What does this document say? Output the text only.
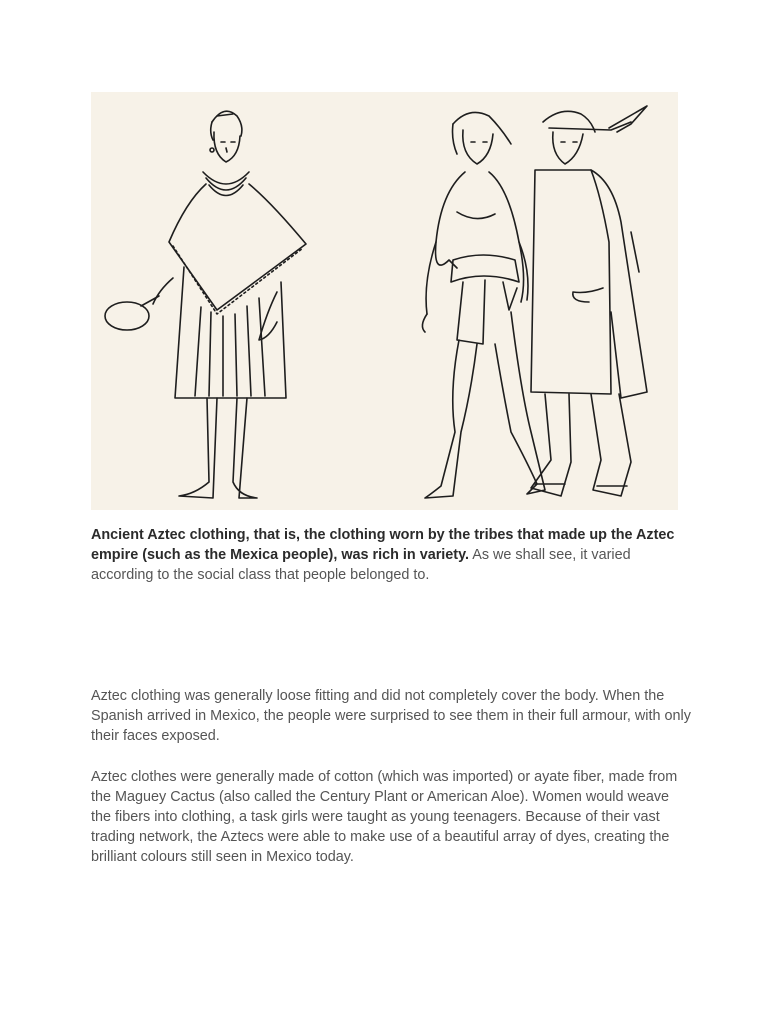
Ancient Aztec clothing, that is, the clothing worn by the tribes that made up the Aztec empire (such as the Mexica people), was rich in variety. As we shall see, it varied according to the social class that people belonged to.

Aztec clothing was generally loose fitting and did not completely cover the body. When the Spanish arrived in Mexico, the people were surprised to see them in their full armour, with only their faces exposed.

Aztec clothes were generally made of cotton (which was imported) or ayate fiber, made from the Maguey Cactus (also called the Century Plant or American Aloe). Women would weave the fibers into clothing, a task girls were taught as young teenagers. Because of their vast trading network, the Aztecs were able to make use of a beautiful array of dyes, creating the brilliant colours still seen in Mexico today.
